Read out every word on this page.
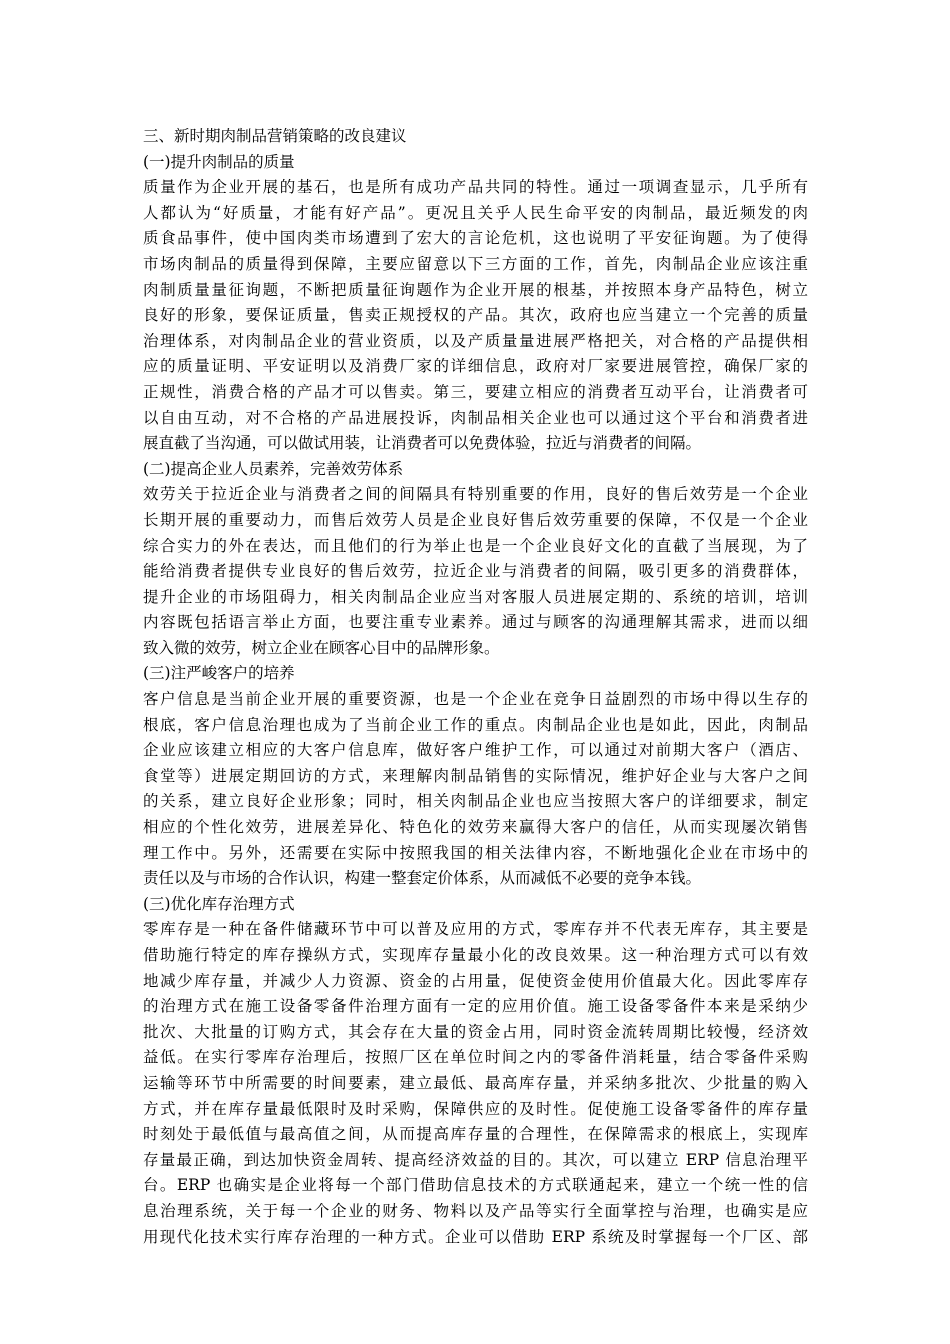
三、新时期肉制品营销策略的改良建议
(一)提升肉制品的质量
质量作为企业开展的基石，也是所有成功产品共同的特性。通过一项调查显示，几乎所有
人都认为“好质量，才能有好产品”。更况且关乎人民生命平安的肉制品，最近频发的肉
质食品事件，使中国肉类市场遭到了宏大的言论危机，这也说明了平安征询题。为了使得
市场肉制品的质量得到保障，主要应留意以下三方面的工作，首先，肉制品企业应该注重
肉制质量量征询题，不断把质量征询题作为企业开展的根基，并按照本身产品特色，树立
良好的形象，要保证质量，售卖正规授权的产品。其次，政府也应当建立一个完善的质量
治理体系，对肉制品企业的营业资质，以及产质量量进展严格把关，对合格的产品提供相
应的质量证明、平安证明以及消费厂家的详细信息，政府对厂家要进展管控，确保厂家的
正规性，消费合格的产品才可以售卖。第三，要建立相应的消费者互动平台，让消费者可
以自由互动，对不合格的产品进展投诉，肉制品相关企业也可以通过这个平台和消费者进
展直截了当沟通，可以做试用装，让消费者可以免费体验，拉近与消费者的间隔。
(二)提高企业人员素养，完善效劳体系
效劳关于拉近企业与消费者之间的间隔具有特别重要的作用，良好的售后效劳是一个企业
长期开展的重要动力，而售后效劳人员是企业良好售后效劳重要的保障，不仅是一个企业
综合实力的外在表达，而且他们的行为举止也是一个企业良好文化的直截了当展现，为了
能给消费者提供专业良好的售后效劳，拉近企业与消费者的间隔，吸引更多的消费群体，
提升企业的市场阻碍力，相关肉制品企业应当对客服人员进展定期的、系统的培训，培训
内容既包括语言举止方面，也要注重专业素养。通过与顾客的沟通理解其需求，进而以细
致入微的效劳，树立企业在顾客心目中的品牌形象。
(三)注严峻客户的培养
客户信息是当前企业开展的重要资源，也是一个企业在竞争日益剧烈的市场中得以生存的
根底，客户信息治理也成为了当前企业工作的重点。肉制品企业也是如此，因此，肉制品
企业应该建立相应的大客户信息库，做好客户维护工作，可以通过对前期大客户（酒店、
食堂等）进展定期回访的方式，来理解肉制品销售的实际情况，维护好企业与大客户之间
的关系，建立良好企业形象；同时，相关肉制品企业也应当按照大客户的详细要求，制定
相应的个性化效劳，进展差异化、特色化的效劳来赢得大客户的信任，从而实现屡次销售
理工作中。另外，还需要在实际中按照我国的相关法律内容，不断地强化企业在市场中的
责任以及与市场的合作认识，构建一整套定价体系，从而减低不必要的竞争本钱。
(三)优化库存治理方式
零库存是一种在备件储藏环节中可以普及应用的方式，零库存并不代表无库存，其主要是
借助施行特定的库存操纵方式，实现库存量最小化的改良效果。这一种治理方式可以有效
地减少库存量，并减少人力资源、资金的占用量，促使资金使用价值最大化。因此零库存
的治理方式在施工设备零备件治理方面有一定的应用价值。施工设备零备件本来是采纳少
批次、大批量的订购方式，其会存在大量的资金占用，同时资金流转周期比较慢，经济效
益低。在实行零库存治理后，按照厂区在单位时间之内的零备件消耗量，结合零备件采购
运输等环节中所需要的时间要素，建立最低、最高库存量，并采纳多批次、少批量的购入
方式，并在库存量最低限时及时采购，保障供应的及时性。促使施工设备零备件的库存量
时刻处于最低值与最高值之间，从而提高库存量的合理性，在保障需求的根底上，实现库
存量最正确，到达加快资金周转、提高经济效益的目的。其次，可以建立 ERP 信息治理平
台。ERP 也确实是企业将每一个部门借助信息技术的方式联通起来，建立一个统一性的信
息治理系统，关于每一个企业的财务、物料以及产品等实行全面掌控与治理，也确实是应
用现代化技术实行库存治理的一种方式。企业可以借助 ERP 系统及时掌握每一个厂区、部
